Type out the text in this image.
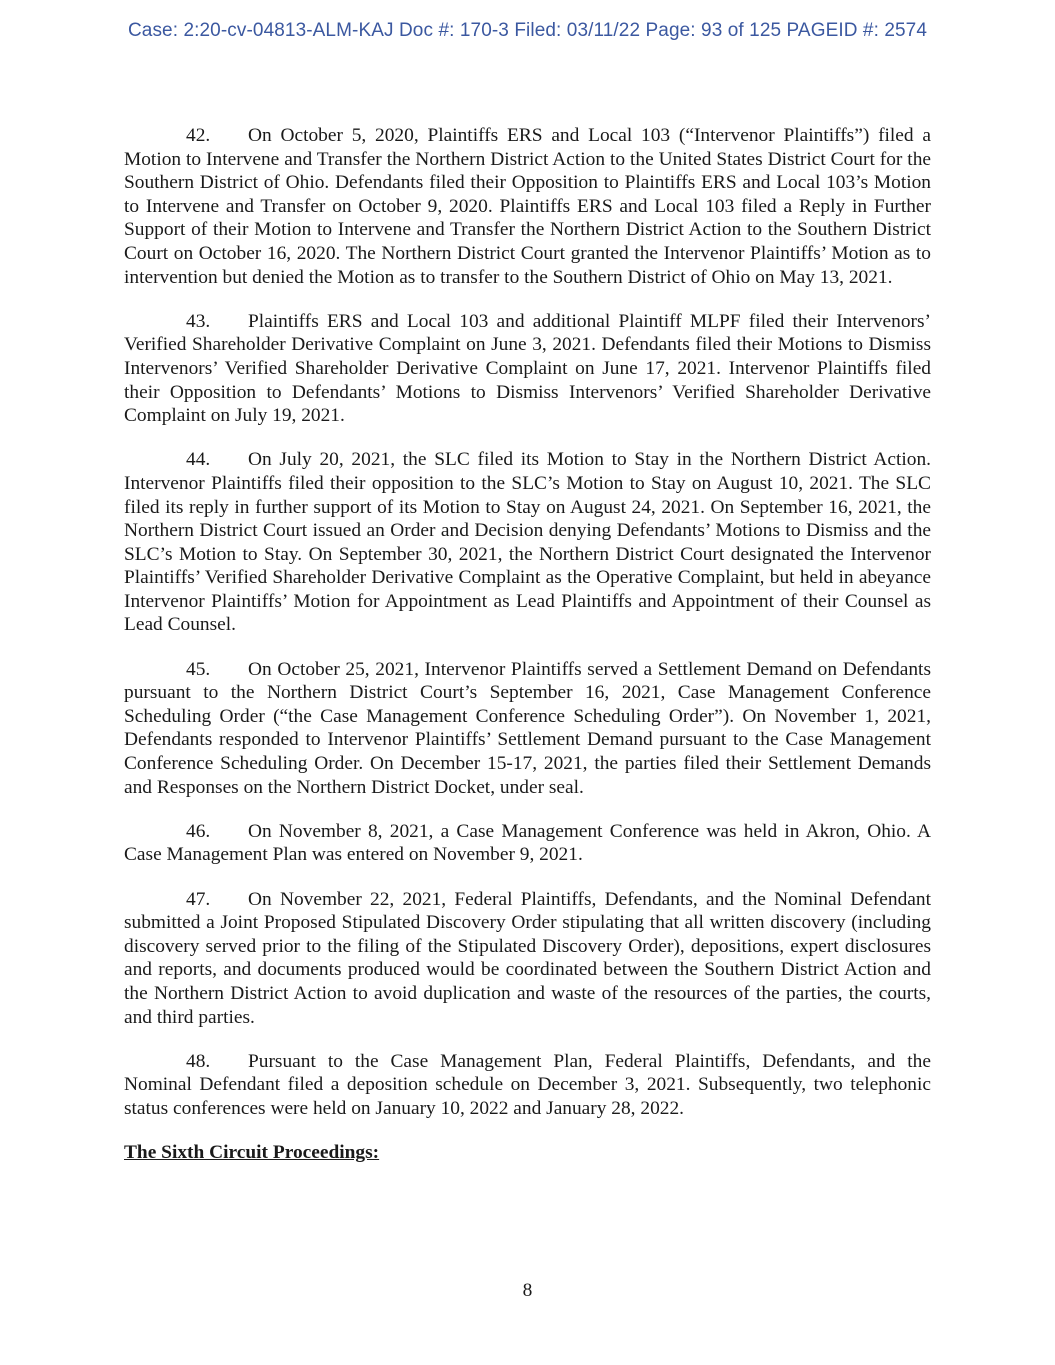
Case: 2:20-cv-04813-ALM-KAJ Doc #: 170-3 Filed: 03/11/22 Page: 93 of 125 PAGEID #: 2574

42. On October 5, 2020, Plaintiffs ERS and Local 103 (“Intervenor Plaintiffs”) filed a Motion to Intervene and Transfer the Northern District Action to the United States District Court for the Southern District of Ohio. Defendants filed their Opposition to Plaintiffs ERS and Local 103’s Motion to Intervene and Transfer on October 9, 2020. Plaintiffs ERS and Local 103 filed a Reply in Further Support of their Motion to Intervene and Transfer the Northern District Action to the Southern District Court on October 16, 2020. The Northern District Court granted the Intervenor Plaintiffs’ Motion as to intervention but denied the Motion as to transfer to the Southern District of Ohio on May 13, 2021.

43. Plaintiffs ERS and Local 103 and additional Plaintiff MLPF filed their Intervenors’ Verified Shareholder Derivative Complaint on June 3, 2021. Defendants filed their Motions to Dismiss Intervenors’ Verified Shareholder Derivative Complaint on June 17, 2021. Intervenor Plaintiffs filed their Opposition to Defendants’ Motions to Dismiss Intervenors’ Verified Shareholder Derivative Complaint on July 19, 2021.

44. On July 20, 2021, the SLC filed its Motion to Stay in the Northern District Action. Intervenor Plaintiffs filed their opposition to the SLC’s Motion to Stay on August 10, 2021. The SLC filed its reply in further support of its Motion to Stay on August 24, 2021. On September 16, 2021, the Northern District Court issued an Order and Decision denying Defendants’ Motions to Dismiss and the SLC’s Motion to Stay. On September 30, 2021, the Northern District Court designated the Intervenor Plaintiffs’ Verified Shareholder Derivative Complaint as the Operative Complaint, but held in abeyance Intervenor Plaintiffs’ Motion for Appointment as Lead Plaintiffs and Appointment of their Counsel as Lead Counsel.

45. On October 25, 2021, Intervenor Plaintiffs served a Settlement Demand on Defendants pursuant to the Northern District Court’s September 16, 2021, Case Management Conference Scheduling Order (“the Case Management Conference Scheduling Order”). On November 1, 2021, Defendants responded to Intervenor Plaintiffs’ Settlement Demand pursuant to the Case Management Conference Scheduling Order. On December 15-17, 2021, the parties filed their Settlement Demands and Responses on the Northern District Docket, under seal.

46. On November 8, 2021, a Case Management Conference was held in Akron, Ohio. A Case Management Plan was entered on November 9, 2021.

47. On November 22, 2021, Federal Plaintiffs, Defendants, and the Nominal Defendant submitted a Joint Proposed Stipulated Discovery Order stipulating that all written discovery (including discovery served prior to the filing of the Stipulated Discovery Order), depositions, expert disclosures and reports, and documents produced would be coordinated between the Southern District Action and the Northern District Action to avoid duplication and waste of the resources of the parties, the courts, and third parties.

48. Pursuant to the Case Management Plan, Federal Plaintiffs, Defendants, and the Nominal Defendant filed a deposition schedule on December 3, 2021. Subsequently, two telephonic status conferences were held on January 10, 2022 and January 28, 2022.

The Sixth Circuit Proceedings:

8
